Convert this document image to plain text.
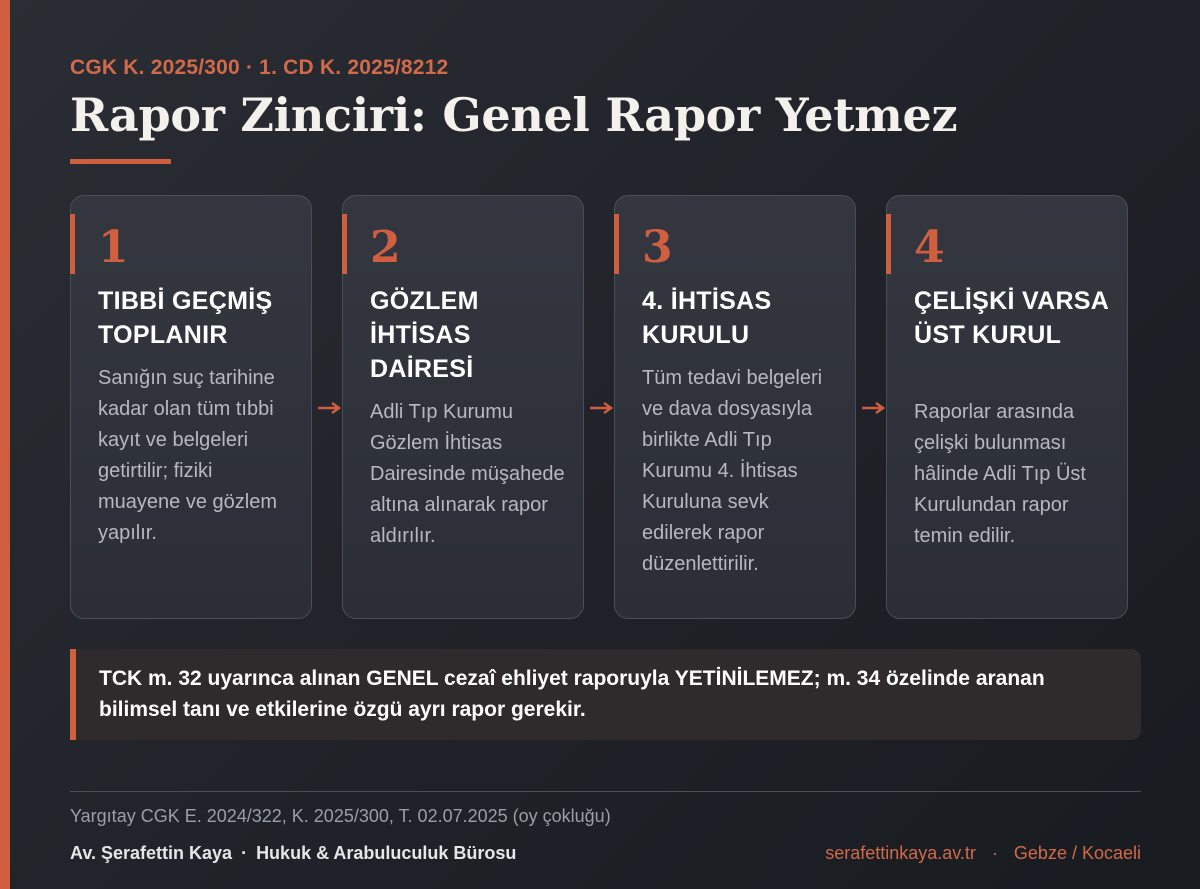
CGK K. 2025/300 · 1. CD K. 2025/8212
Rapor Zinciri: Genel Rapor Yetmez
1
TIBBİ GEÇMİŞ TOPLANIR
Sanığın suç tarihine kadar olan tüm tıbbi kayıt ve belgeleri getirtilir; fiziki muayene ve gözlem yapılır.
2
GÖZLEM İHTİSAS DAİRESİ
Adli Tıp Kurumu Gözlem İhtisas Dairesinde müşahede altına alınarak rapor aldırılır.
3
4. İHTİSAS KURULU
Tüm tedavi belgeleri ve dava dosyasıyla birlikte Adli Tıp Kurumu 4. İhtisas Kuruluna sevk edilerek rapor düzenlettirilir.
4
ÇELİŞKİ VARSA ÜST KURUL
Raporlar arasında çelişki bulunması hâlinde Adli Tıp Üst Kurulundan rapor temin edilir.
TCK m. 32 uyarınca alınan GENEL cezaî ehliyet raporuyla YETİNİLEMEZ; m. 34 özelinde aranan bilimsel tanı ve etkilerine özgü ayrı rapor gerekir.
Yargıtay CGK E. 2024/322, K. 2025/300, T. 02.07.2025 (oy çokluğu)
Av. Şerafettin Kaya · Hukuk & Arabuluculuk Bürosu	serafettinkaya.av.tr · Gebze / Kocaeli
